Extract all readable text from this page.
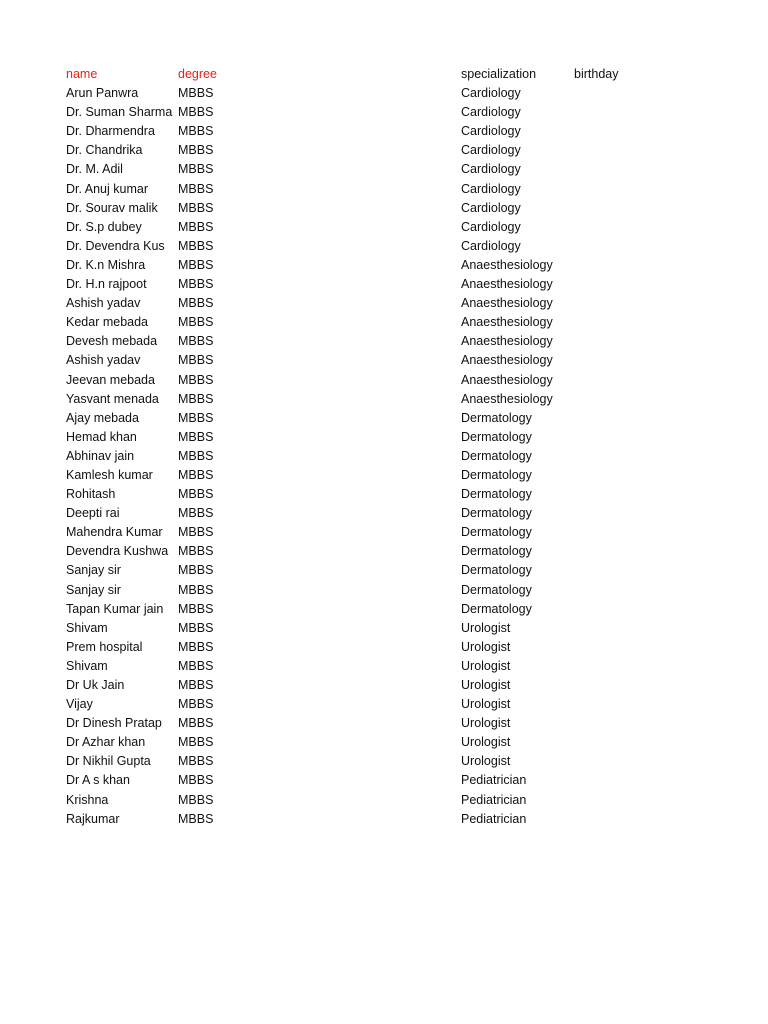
name	degree	specialization	birthday
Arun Panwra	MBBS	Cardiology
Dr. Suman Sharma MBBS	Cardiology
Dr. Dharmendra	MBBS	Cardiology
Dr. Chandrika	MBBS	Cardiology
Dr. M. Adil	MBBS	Cardiology
Dr. Anuj kumar	MBBS	Cardiology
Dr. Sourav malik	MBBS	Cardiology
Dr. S.p dubey	MBBS	Cardiology
Dr. Devendra Kus	MBBS	Cardiology
Dr. K.n Mishra	MBBS	Anaesthesiology
Dr. H.n rajpoot	MBBS	Anaesthesiology
Ashish yadav	MBBS	Anaesthesiology
Kedar mebada	MBBS	Anaesthesiology
Devesh mebada	MBBS	Anaesthesiology
Ashish yadav	MBBS	Anaesthesiology
Jeevan mebada	MBBS	Anaesthesiology
Yasvant menada	MBBS	Anaesthesiology
Ajay mebada	MBBS	Dermatology
Hemad khan	MBBS	Dermatology
Abhinav jain	MBBS	Dermatology
Kamlesh kumar	MBBS	Dermatology
Rohitash	MBBS	Dermatology
Deepti rai	MBBS	Dermatology
Mahendra Kumar	MBBS	Dermatology
Devendra Kushwa MBBS	Dermatology
Sanjay sir	MBBS	Dermatology
Sanjay sir	MBBS	Dermatology
Tapan Kumar jain	MBBS	Dermatology
Shivam	MBBS	Urologist
Prem hospital	MBBS	Urologist
Shivam	MBBS	Urologist
Dr Uk Jain	MBBS	Urologist
Vijay	MBBS	Urologist
Dr Dinesh Pratap	MBBS	Urologist
Dr Azhar khan	MBBS	Urologist
Dr Nikhil Gupta	MBBS	Urologist
Dr A s khan	MBBS	Pediatrician
Krishna	MBBS	Pediatrician
Rajkumar	MBBS	Pediatrician
